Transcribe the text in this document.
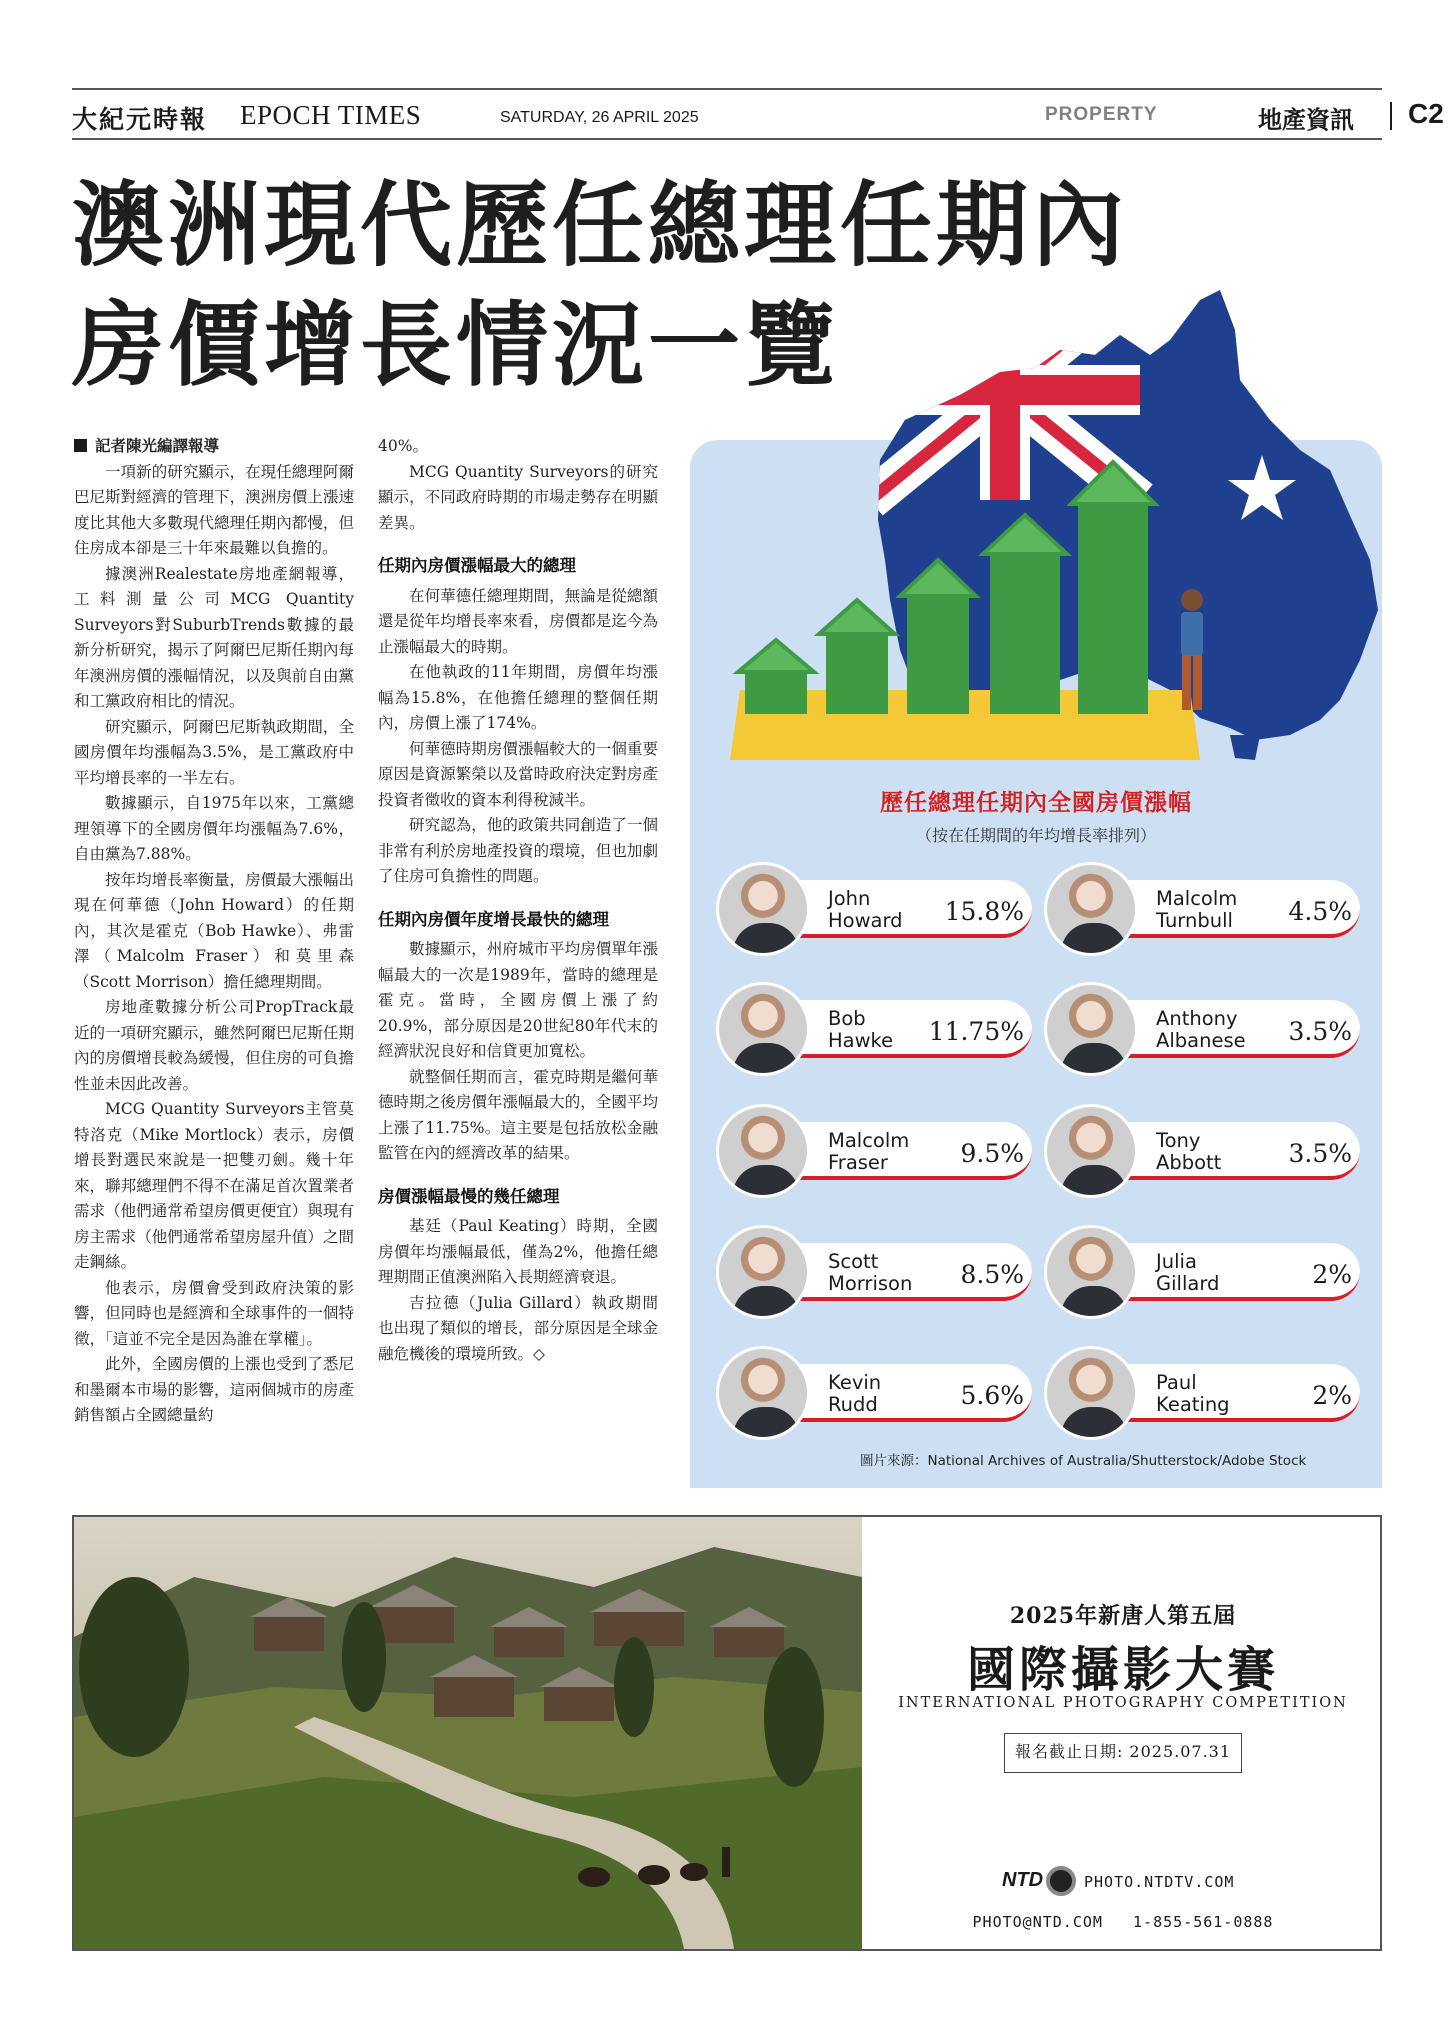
大紀元時報 EPOCH TIMES	SATURDAY, 26 APRIL 2025	PROPERTY	地產資訊 C2
澳洲現代歷任總理任期內
房價增長情況一覽
記者陳光編譯報導

一項新的研究顯示，在現任總理阿爾巴尼斯對經濟的管理下，澳洲房價上漲速度比其他大多數現代總理任期內都慢，但住房成本卻是三十年來最難以負擔的。

據澳洲Realestate房地產網報導，工料測量公司MCG Quantity Surveyors對SuburbTrends數據的最新分析研究，揭示了阿爾巴尼斯任期內每年澳洲房價的漲幅情況，以及與前自由黨和工黨政府相比的情況。

研究顯示，阿爾巴尼斯執政期間，全國房價年均漲幅為3.5%，是工黨政府中平均增長率的一半左右。

數據顯示，自1975年以來，工黨總理領導下的全國房價年均漲幅為7.6%，自由黨為7.88%。

按年均增長率衡量，房價最大漲幅出現在何華德（John Howard）的任期內，其次是霍克（Bob Hawke）、弗雷澤（Malcolm Fraser）和莫里森（Scott Morrison）擔任總理期間。

房地產數據分析公司PropTrack最近的一項研究顯示，雖然阿爾巴尼斯任期內的房價增長較為緩慢，但住房的可負擔性並未因此改善。

MCG Quantity Surveyors主管莫特洛克（Mike Mortlock）表示，房價增長對選民來說是一把雙刃劍。幾十年來，聯邦總理們不得不在滿足首次置業者需求（他們通常希望房價更便宜）與現有房主需求（他們通常希望房屋升值）之間走鋼絲。

他表示，房價會受到政府決策的影響，但同時也是經濟和全球事件的一個特徵，「這並不完全是因為誰在掌權」。

此外，全國房價的上漲也受到了悉尼和墨爾本市場的影響，這兩個城市的房產銷售額占全國總量約

40%。

MCG Quantity Surveyors的研究顯示，不同政府時期的市場走勢存在明顯差異。

任期內房價漲幅最大的總理

在何華德任總理期間，無論是從總額還是從年均增長率來看，房價都是迄今為止漲幅最大的時期。

在他執政的11年期間，房價年均漲幅為15.8%，在他擔任總理的整個任期內，房價上漲了174%。

何華德時期房價漲幅較大的一個重要原因是資源繁榮以及當時政府決定對房產投資者徵收的資本利得稅減半。

研究認為，他的政策共同創造了一個非常有利於房地產投資的環境，但也加劇了住房可負擔性的問題。

任期內房價年度增長最快的總理

數據顯示，州府城市平均房價單年漲幅最大的一次是1989年，當時的總理是霍克。當時，全國房價上漲了約20.9%，部分原因是20世紀80年代末的經濟狀況良好和信貸更加寬松。

就整個任期而言，霍克時期是繼何華德時期之後房價年漲幅最大的，全國平均上漲了11.75%。這主要是包括放松金融監管在內的經濟改革的結果。

房價漲幅最慢的幾任總理

基廷（Paul Keating）時期，全國房價年均漲幅最低，僅為2%，他擔任總理期間正值澳洲陷入長期經濟衰退。

吉拉德（Julia Gillard）執政期間也出現了類似的增長，部分原因是全球金融危機後的環境所致。◇

歷任總理任期內全國房價漲幅
（按在任期間的年均增長率排列）
John
Howard	15.8%
Bob
Hawke	11.75%
Malcolm
Fraser	9.5%
Scott
Morrison	8.5%
Kevin
Rudd	5.6%
Malcolm
Turnbull	4.5%
Anthony
Albanese	3.5%
Tony
Abbott	3.5%
Julia
Gillard	2%
Paul
Keating	2%
圖片來源：National Archives of Australia/Shutterstock/Adobe Stock
2025年新唐人第五屆
國際攝影大賽
INTERNATIONAL PHOTOGRAPHY COMPETITION
報名截止日期: 2025.07.31
NTD	PHOTO.NTDTV.COM
PHOTO@NTD.COM 1-855-561-0888
